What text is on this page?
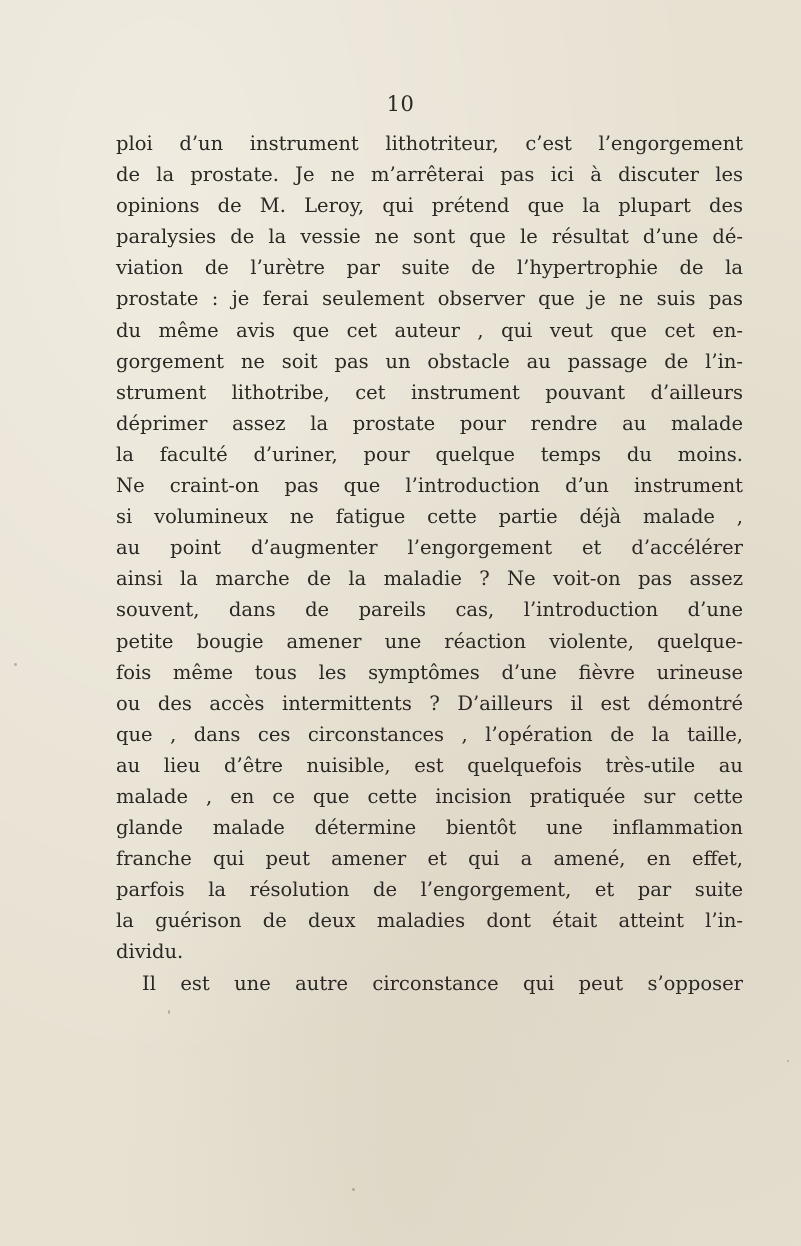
10
ploi d’un instrument lithotriteur, c’est l’engorgement
de la prostate. Je ne m’arrêterai pas ici à discuter les
opinions de M. Leroy, qui prétend que la plupart des
paralysies de la vessie ne sont que le résultat d’une dé-
viation de l’urètre par suite de l’hypertrophie de la
prostate : je ferai seulement observer que je ne suis pas
du même avis que cet auteur , qui veut que cet en-
gorgement ne soit pas un obstacle au passage de l’in-
strument lithotribe, cet instrument pouvant d’ailleurs
déprimer assez la prostate pour rendre au malade
la faculté d’uriner, pour quelque temps du moins.
Ne craint-on pas que l’introduction d’un instrument
si volumineux ne fatigue cette partie déjà malade ,
au point d’augmenter l’engorgement et d’accélérer
ainsi la marche de la maladie ? Ne voit-on pas assez
souvent, dans de pareils cas, l’introduction d’une
petite bougie amener une réaction violente, quelque-
fois même tous les symptômes d’une fièvre urineuse
ou des accès intermittents ? D’ailleurs il est démontré
que , dans ces circonstances , l’opération de la taille,
au lieu d’être nuisible, est quelquefois très-utile au
malade , en ce que cette incision pratiquée sur cette
glande malade détermine bientôt une inflammation
franche qui peut amener et qui a amené, en effet,
parfois la résolution de l’engorgement, et par suite
la guérison de deux maladies dont était atteint l’in-
dividu.
Il est une autre circonstance qui peut s’opposer
